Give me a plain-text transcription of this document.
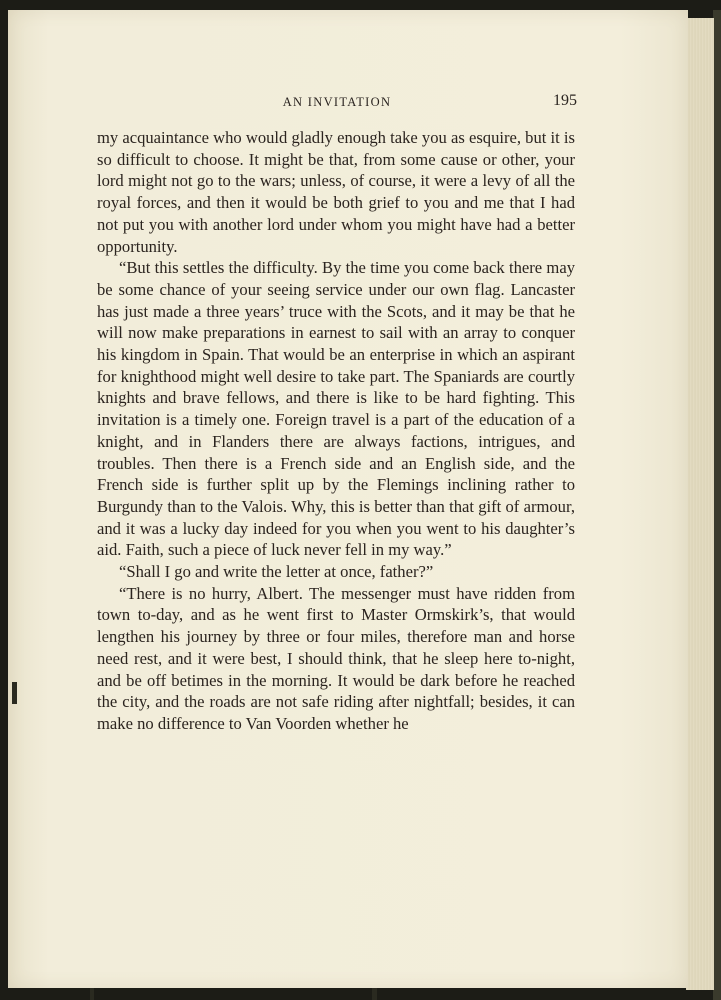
AN INVITATION	195

my acquaintance who would gladly enough take you as esquire, but it is so difficult to choose. It might be that, from some cause or other, your lord might not go to the wars; unless, of course, it were a levy of all the royal forces, and then it would be both grief to you and me that I had not put you with another lord under whom you might have had a better opportunity.

“But this settles the difficulty. By the time you come back there may be some chance of your seeing service under our own flag. Lancaster has just made a three years’ truce with the Scots, and it may be that he will now make preparations in earnest to sail with an array to conquer his kingdom in Spain. That would be an enterprise in which an aspirant for knighthood might well desire to take part. The Spaniards are courtly knights and brave fellows, and there is like to be hard fighting. This invitation is a timely one. Foreign travel is a part of the education of a knight, and in Flanders there are always factions, intrigues, and troubles. Then there is a French side and an English side, and the French side is further split up by the Flemings inclining rather to Burgundy than to the Valois. Why, this is better than that gift of armour, and it was a lucky day indeed for you when you went to his daughter’s aid. Faith, such a piece of luck never fell in my way.”

“Shall I go and write the letter at once, father?”

“There is no hurry, Albert. The messenger must have ridden from town to-day, and as he went first to Master Ormskirk’s, that would lengthen his journey by three or four miles, therefore man and horse need rest, and it were best, I should think, that he sleep here to-night, and be off betimes in the morning. It would be dark before he reached the city, and the roads are not safe riding after nightfall; besides, it can make no difference to Van Voorden whether he
